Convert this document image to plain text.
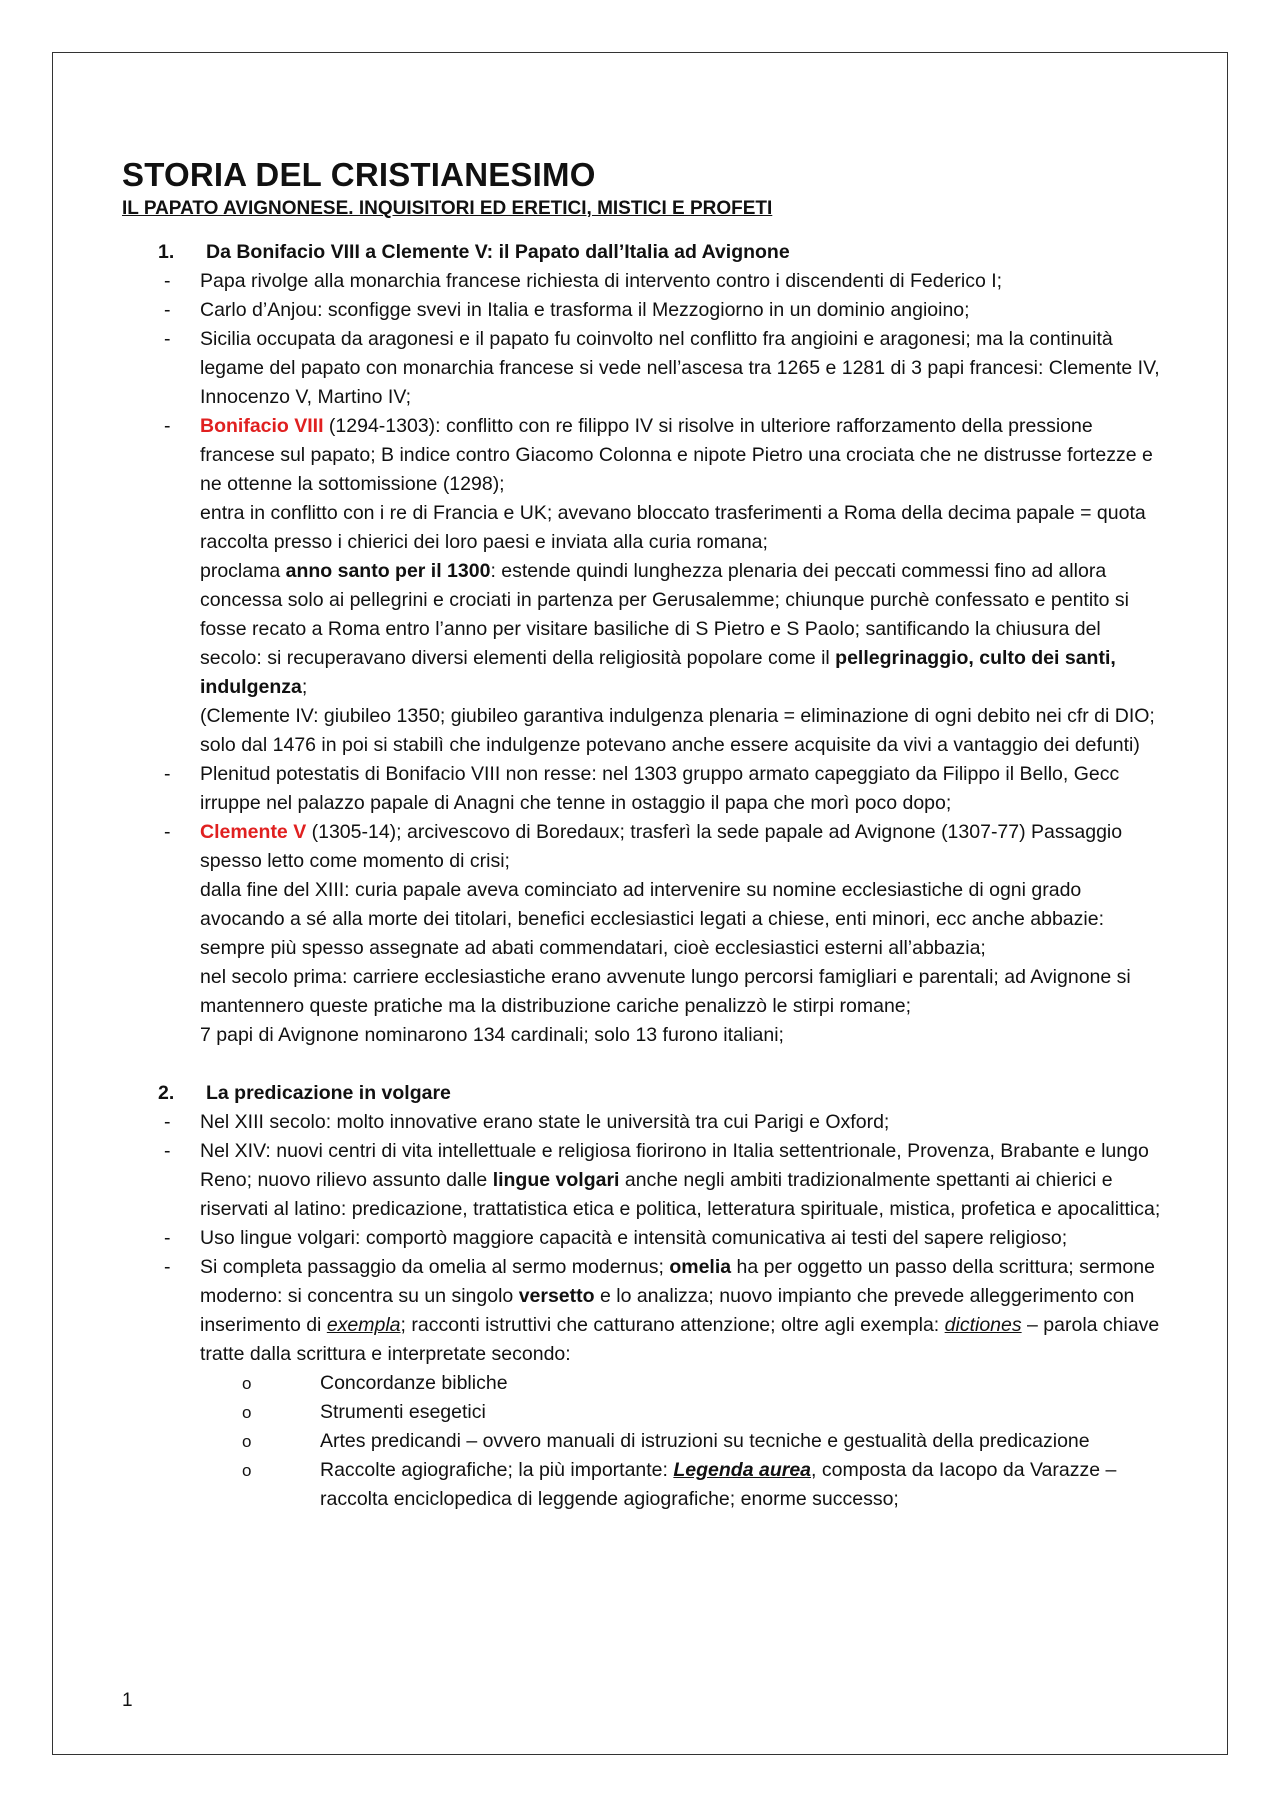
STORIA DEL CRISTIANESIMO

IL PAPATO AVIGNONESE. INQUISITORI ED ERETICI, MISTICI E PROFETI

1.	Da Bonifacio VIII a Clemente V: il Papato dall’Italia ad Avignone
-	Papa rivolge alla monarchia francese richiesta di intervento contro i discendenti di Federico I;
-	Carlo d’Anjou: sconfigge svevi in Italia e trasforma il Mezzogiorno in un dominio angioino;
-	Sicilia occupata da aragonesi e il papato fu coinvolto nel conflitto fra angioini e aragonesi; ma la continuità legame del papato con monarchia francese si vede nell’ascesa tra 1265 e 1281 di 3 papi francesi: Clemente IV, Innocenzo V, Martino IV;
-	Bonifacio VIII (1294-1303): conflitto con re filippo IV si risolve in ulteriore rafforzamento della pressione francese sul papato; B indice contro Giacomo Colonna e nipote Pietro una crociata che ne distrusse fortezze e ne ottenne la sottomissione (1298);
entra in conflitto con i re di Francia e UK; avevano bloccato trasferimenti a Roma della decima papale = quota raccolta presso i chierici dei loro paesi e inviata alla curia romana;
proclama anno santo per il 1300: estende quindi lunghezza plenaria dei peccati commessi fino ad allora concessa solo ai pellegrini e crociati in partenza per Gerusalemme; chiunque purchè confessato e pentito si fosse recato a Roma entro l’anno per visitare basiliche di S Pietro e S Paolo; santificando la chiusura del secolo: si recuperavano diversi elementi della religiosità popolare come il pellegrinaggio, culto dei santi, indulgenza;
(Clemente IV: giubileo 1350; giubileo garantiva indulgenza plenaria = eliminazione di ogni debito nei cfr di DIO; solo dal 1476 in poi si stabilì che indulgenze potevano anche essere acquisite da vivi a vantaggio dei defunti)
-	Plenitud potestatis di Bonifacio VIII non resse: nel 1303 gruppo armato capeggiato da Filippo il Bello, Gecc irruppe nel palazzo papale di Anagni che tenne in ostaggio il papa che morì poco dopo;
-	Clemente V (1305-14); arcivescovo di Boredaux; trasferì la sede papale ad Avignone (1307-77) Passaggio spesso letto come momento di crisi;
dalla fine del XIII: curia papale aveva cominciato ad intervenire su nomine ecclesiastiche di ogni grado avocando a sé alla morte dei titolari, benefici ecclesiastici legati a chiese, enti minori, ecc anche abbazie: sempre più spesso assegnate ad abati commendatari, cioè ecclesiastici esterni all’abbazia;
nel secolo prima: carriere ecclesiastiche erano avvenute lungo percorsi famigliari e parentali; ad Avignone si mantennero queste pratiche ma la distribuzione cariche penalizzò le stirpi romane;
7 papi di Avignone nominarono 134 cardinali; solo 13 furono italiani;
2.	La predicazione in volgare
-	Nel XIII secolo: molto innovative erano state le università tra cui Parigi e Oxford;
-	Nel XIV: nuovi centri di vita intellettuale e religiosa fiorirono in Italia settentrionale, Provenza, Brabante e lungo Reno; nuovo rilievo assunto dalle lingue volgari anche negli ambiti tradizionalmente spettanti ai chierici e riservati al latino: predicazione, trattatistica etica e politica, letteratura spirituale, mistica, profetica e apocalittica;
-	Uso lingue volgari: comportò maggiore capacità e intensità comunicativa ai testi del sapere religioso;
-	Si completa passaggio da omelia al sermo modernus; omelia ha per oggetto un passo della scrittura; sermone moderno: si concentra su un singolo versetto e lo analizza; nuovo impianto che prevede alleggerimento con inserimento di exempla; racconti istruttivi che catturano attenzione; oltre agli exempla: dictiones – parola chiave tratte dalla scrittura e interpretate secondo:
o	Concordanze bibliche
o	Strumenti esegetici
o	Artes predicandi – ovvero manuali di istruzioni su tecniche e gestualità della predicazione
o	Raccolte agiografiche; la più importante: Legenda aurea, composta da Iacopo da Varazze – raccolta enciclopedica di leggende agiografiche; enorme successo;
1
